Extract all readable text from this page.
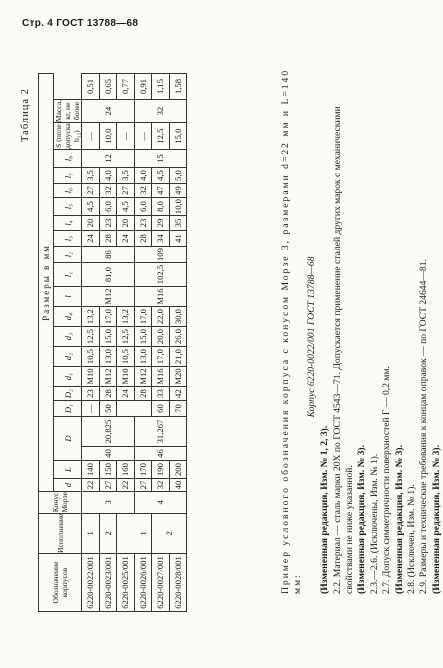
Стр. 4 ГОСТ 13788—68
Таблица 2
Обозначение корпусов	Исполнение	Конус Морзе	Размеры в мм																					
			d	L	D		D₁	D₂	d₁	d₂	d₃	d₄	l	l₁	l₂	l₃	l₄	l₅	l₆	l₇	l₈	S (поле допуска b₁₂)	Масса, кг, не более	
6220-0022/001	1	3	22	140	40	20,825	—	23	M10	10,5	12,5	13,2	M12	81,0	86	24	20	4,5	27	3,5	12	—	24	0,51
6220-0023/001	2		27	150			50	28	M12	13,0	15,0	17,0				28	23	6,0	32	4,0		10,0		0,65
6220-0025/001			22	160				24	M10	10,5	12,5	13,2				24	20	4,5	27	3,5		—		0,77
6220-0026/001	1	4	27	170	46	31,267		28	M12	13,0	15,0	17,0	M16	102,5	109	28	23	6,0	32	4,0	15	—	32	0,91
6220-0027/001	2		32	190			60	33	M16	17,0	20,0	22,0				34	29	8,0	47	4,5		12,5		1,15
6220-0028/001			40	200			70	42	M20	21,0	26,0	30,0				41	35	10,0	49	5,0		15,0		1,58	Пример условного обозначения корпуса с конусом Морзе 3, размерами d=22 мм и L=140 мм:

Корпус 6220-0022/001 ГОСТ 13788—68

(Измененная редакция, Изм. № 1, 2, 3). 2.2. Материал — сталь марки 20Х по ГОСТ 4543—71. Допускается применение сталей других марок с механическими свойствами не ниже указанной. (Измененная редакция, Изм. № 3). 2.3.—2.6. (Исключены, Изм. № 1). 2.7. Допуск симметричности поверхностей Г — 0,2 мм. (Измененная редакция, Изм. № 3). 2.8. (Исключен, Изм. № 1). 2.9. Размеры и технические требования к концам оправок — по ГОСТ 24644—81. (Измененная редакция, Изм. № 3).
